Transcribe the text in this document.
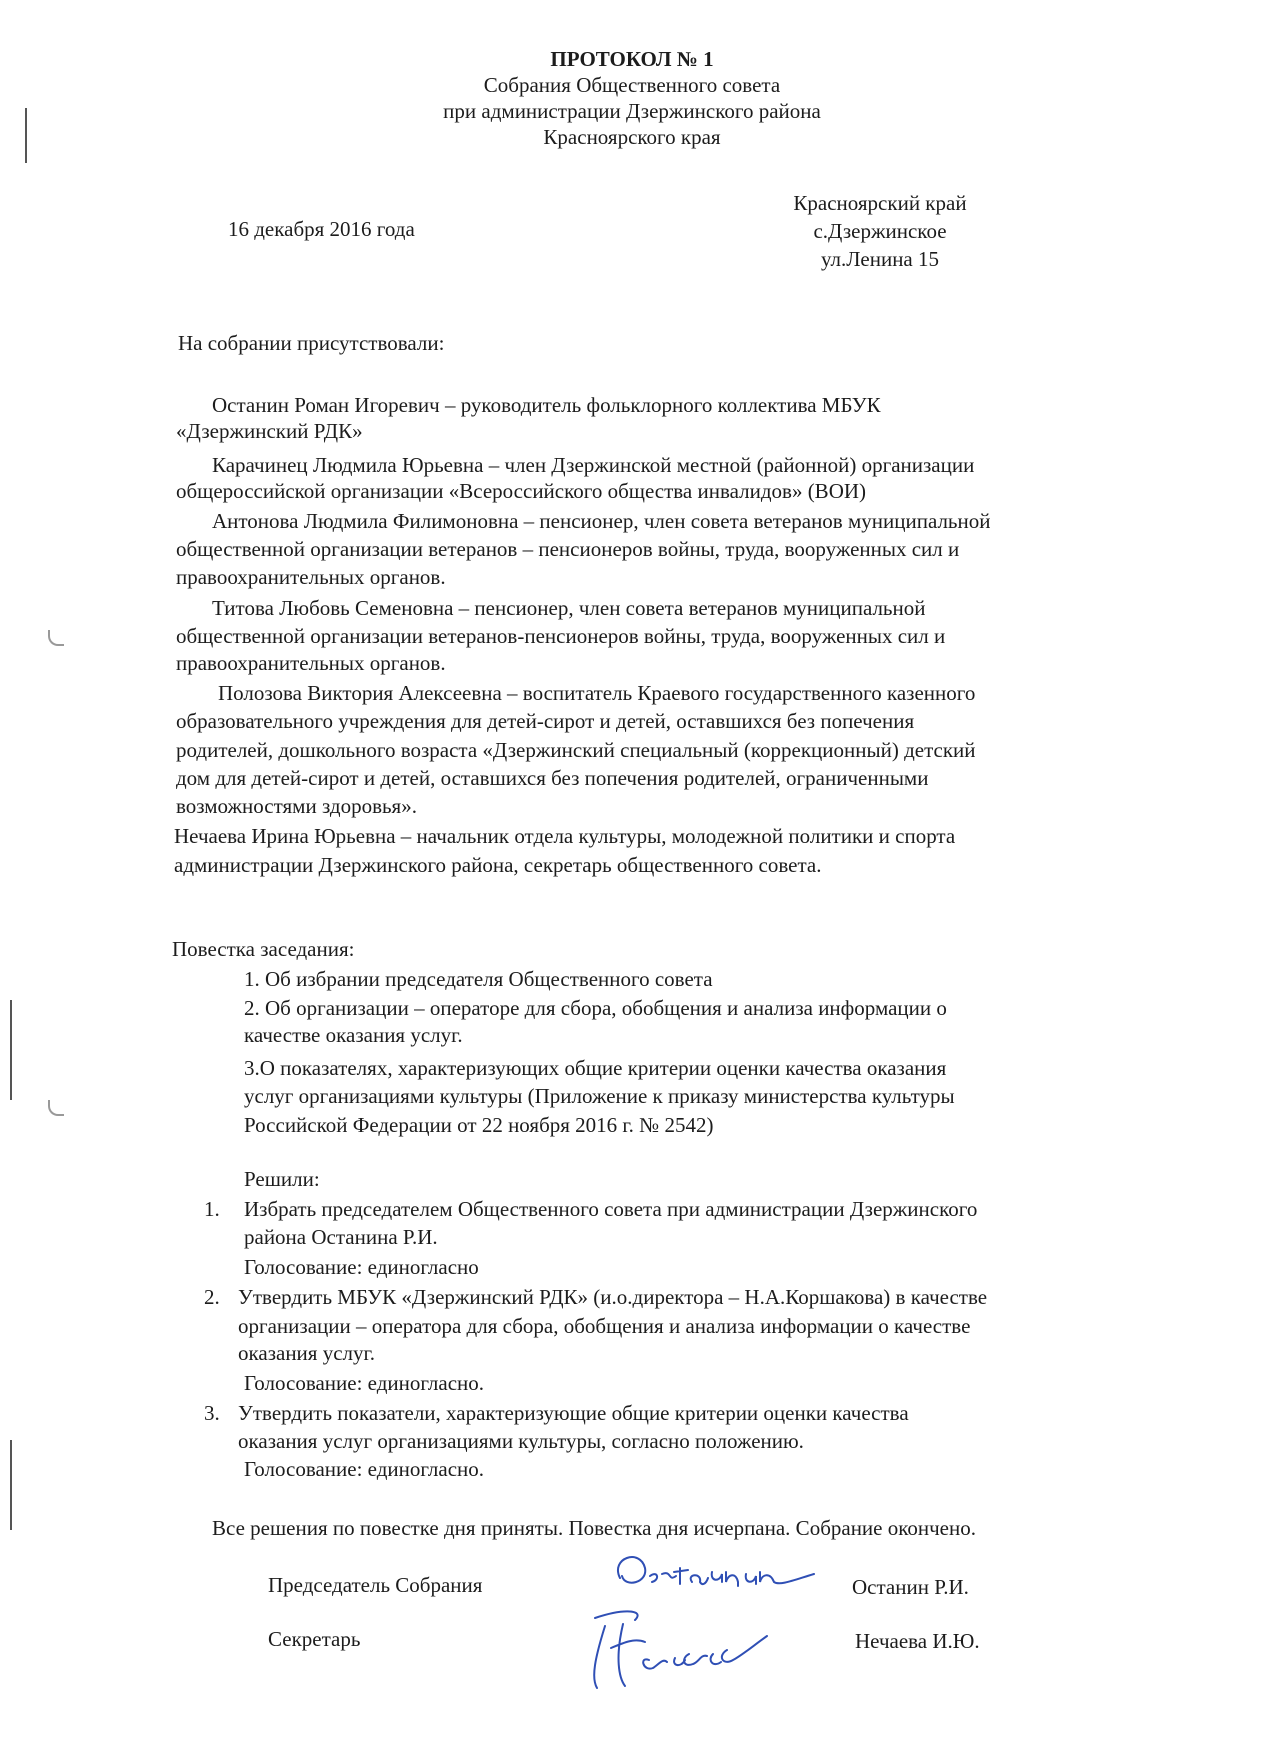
ПРОТОКОЛ № 1
Собрания Общественного совета
при администрации Дзержинского района
Красноярского края
16 декабря 2016 года
Красноярский край
с.Дзержинское
ул.Ленина 15
На собрании присутствовали:
Останин Роман Игоревич – руководитель фольклорного коллектива МБУК
«Дзержинский РДК»
Карачинец Людмила Юрьевна – член Дзержинской местной (районной) организации
общероссийской организации «Всероссийского общества инвалидов» (ВОИ)
Антонова Людмила Филимоновна – пенсионер, член совета ветеранов муниципальной
общественной организации ветеранов – пенсионеров войны, труда, вооруженных сил и
правоохранительных органов.
Титова Любовь Семеновна – пенсионер, член совета ветеранов муниципальной
общественной организации ветеранов-пенсионеров войны, труда, вооруженных сил и
правоохранительных органов.
Полозова Виктория Алексеевна – воспитатель Краевого государственного казенного
образовательного учреждения для детей-сирот и детей, оставшихся без попечения
родителей, дошкольного возраста «Дзержинский специальный (коррекционный) детский
дом для детей-сирот и детей, оставшихся без попечения родителей, ограниченными
возможностями здоровья».
Нечаева Ирина Юрьевна – начальник отдела культуры, молодежной политики и спорта
администрации Дзержинского района, секретарь общественного совета.
Повестка заседания:
1. Об избрании председателя Общественного совета
2. Об организации – операторе для сбора, обобщения и анализа информации о
качестве оказания услуг.
3.О показателях, характеризующих общие критерии оценки качества оказания
услуг организациями культуры (Приложение к приказу министерства культуры
Российской Федерации от 22 ноября 2016 г. № 2542)
Решили:
1. Избрать председателем Общественного совета при администрации Дзержинского
района Останина Р.И.
Голосование: единогласно
2. Утвердить МБУК «Дзержинский РДК» (и.о.директора – Н.А.Коршакова) в качестве
организации – оператора для сбора, обобщения и анализа информации о качестве
оказания услуг.
Голосование: единогласно.
3. Утвердить показатели, характеризующие общие критерии оценки качества
оказания услуг организациями культуры, согласно положению.
Голосование: единогласно.
Все решения по повестке дня приняты. Повестка дня исчерпана. Собрание окончено.
Председатель Собрания	Останин Р.И.
Секретарь	Нечаева И.Ю.
